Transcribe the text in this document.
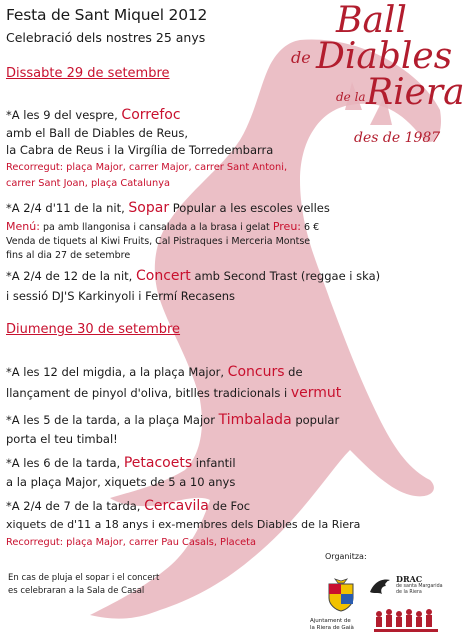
Ball
de Diables
de la Riera
des de 1987
Festa de Sant Miquel 2012
Celebració dels nostres 25 anys
Dissabte 29 de setembre
*A les 9 del vespre, Correfoc
amb el Ball de Diables de Reus,
la Cabra de Reus i la Virgília de Torredembarra
Recorregut: plaça Major, carrer Major, carrer Sant Antoni,
carrer Sant Joan, plaça Catalunya
*A 2/4 d'11 de la nit, Sopar Popular a les escoles velles
Menú: pa amb llangonisa i cansalada a la brasa i gelat Preu: 6 €
Venda de tiquets al Kiwi Fruits, Cal Pistraques i Merceria Montse
fins al dia 27 de setembre
*A 2/4 de 12 de la nit, Concert amb Second Trast (reggae i ska)
i sessió DJ'S Karkinyoli i Fermí Recasens
Diumenge 30 de setembre
*A les 12 del migdia, a la plaça Major, Concurs de
llançament de pinyol d'oliva, bitlles tradicionals i vermut
*A les 5 de la tarda, a la plaça Major Timbalada popular
porta el teu timbal!
*A les 6 de la tarda, Petacoets infantil
a la plaça Major, xiquets de 5 a 10 anys
*A 2/4 de 7 de la tarda, Cercavila de Foc
xiquets de d'11 a 18 anys i ex-membres dels Diables de la Riera
Recorregut: plaça Major, carrer Pau Casals, Placeta
Organitza:
En cas de pluja el sopar i el concert
es celebraran a la Sala de Casal
Ajuntament de
la Riera de Gaià
DRAC
de santa Margarida
de la Riera
